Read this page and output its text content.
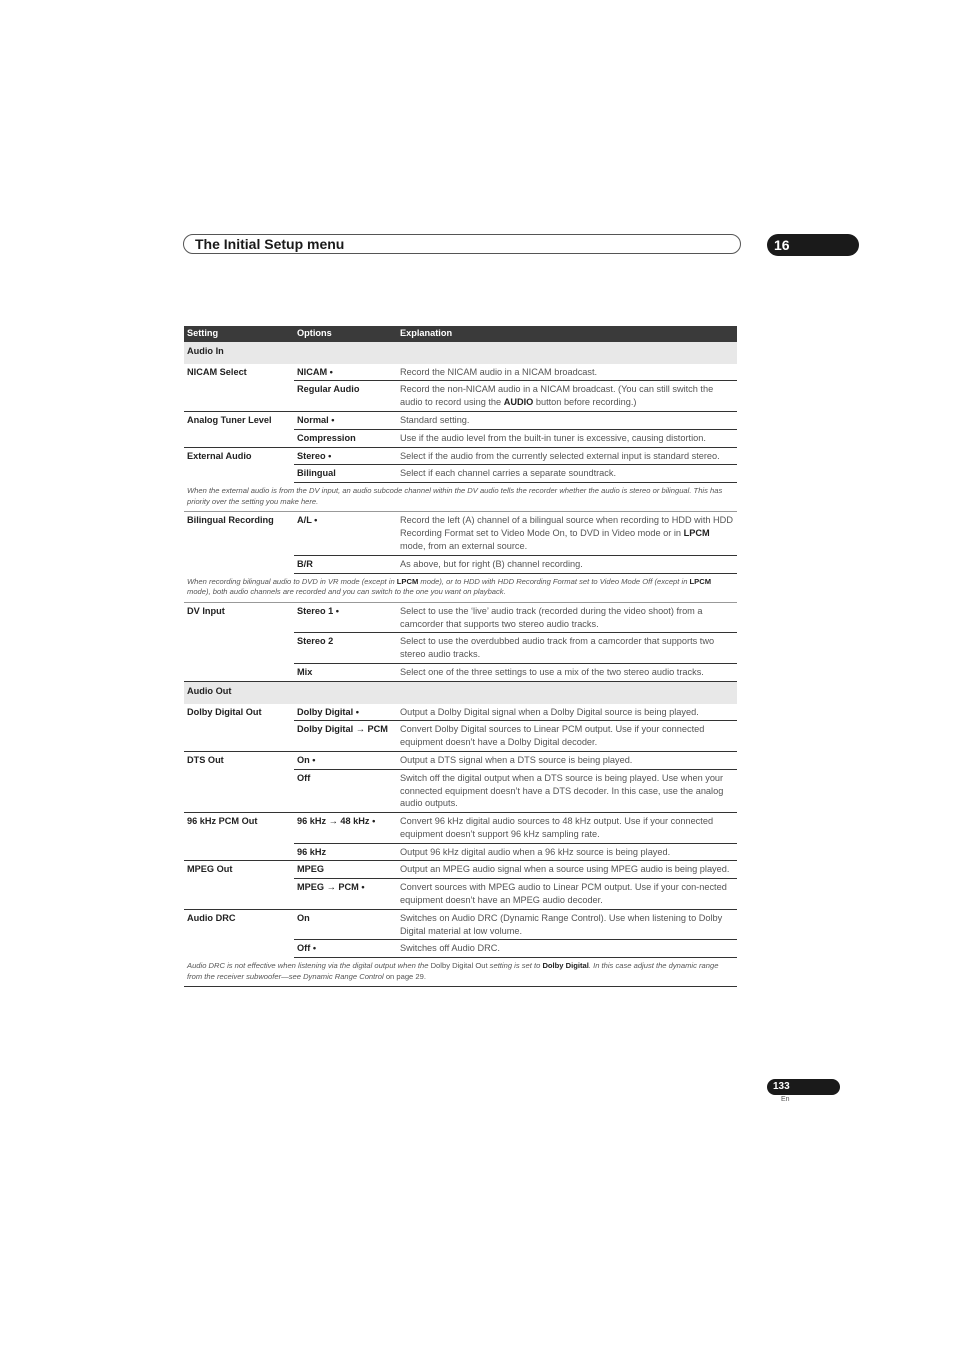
The Initial Setup menu	16
Setting	Options	Explanation
Audio In		
NICAM Select	NICAM •	Record the NICAM audio in a NICAM broadcast.
	Regular Audio	Record the non-NICAM audio in a NICAM broadcast. (You can still switch the audio to record using the AUDIO button before recording.)
Analog Tuner Level	Normal •	Standard setting.
	Compression	Use if the audio level from the built-in tuner is excessive, causing distortion.
External Audio	Stereo •	Select if the audio from the currently selected external input is standard stereo.
	Bilingual	Select if each channel carries a separate soundtrack.
When the external audio is from the DV input, an audio subcode channel within the DV audio tells the recorder whether the audio is stereo or bilingual. This has priority over the setting you make here.		
Bilingual Recording	A/L •	Record the left (A) channel of a bilingual source when recording to HDD with HDD Recording Format set to Video Mode On, to DVD in Video mode or in LPCM mode, from an external source.
	B/R	As above, but for right (B) channel recording.
When recording bilingual audio to DVD in VR mode (except in LPCM mode), or to HDD with HDD Recording Format set to Video Mode Off (except in LPCM mode), both audio channels are recorded and you can switch to the one you want on playback.		
DV Input	Stereo 1 •	Select to use the ‘live’ audio track (recorded during the video shoot) from a camcorder that supports two stereo audio tracks.
	Stereo 2	Select to use the overdubbed audio track from a camcorder that supports two stereo audio tracks.
	Mix	Select one of the three settings to use a mix of the two stereo audio tracks.
Audio Out		
Dolby Digital Out	Dolby Digital •	Output a Dolby Digital signal when a Dolby Digital source is being played.
	Dolby Digital → PCM	Convert Dolby Digital sources to Linear PCM output. Use if your connected equipment doesn’t have a Dolby Digital decoder.
DTS Out	On •	Output a DTS signal when a DTS source is being played.
	Off	Switch off the digital output when a DTS source is being played. Use when your connected equipment doesn’t have a DTS decoder. In this case, use the analog audio outputs.
96 kHz PCM Out	96 kHz → 48 kHz •	Convert 96 kHz digital audio sources to 48 kHz output. Use if your connected equipment doesn’t support 96 kHz sampling rate.
	96 kHz	Output 96 kHz digital audio when a 96 kHz source is being played.
MPEG Out	MPEG	Output an MPEG audio signal when a source using MPEG audio is being played.
	MPEG → PCM •	Convert sources with MPEG audio to Linear PCM output. Use if your con-nected equipment doesn’t have an MPEG audio decoder.
Audio DRC	On	Switches on Audio DRC (Dynamic Range Control). Use when listening to Dolby Digital material at low volume.
	Off •	Switches off Audio DRC.
Audio DRC is not effective when listening via the digital output when the Dolby Digital Out setting is set to Dolby Digital. In this case adjust the dynamic range from the receiver subwoofer—see Dynamic Range Control on page 29.		
133
En
